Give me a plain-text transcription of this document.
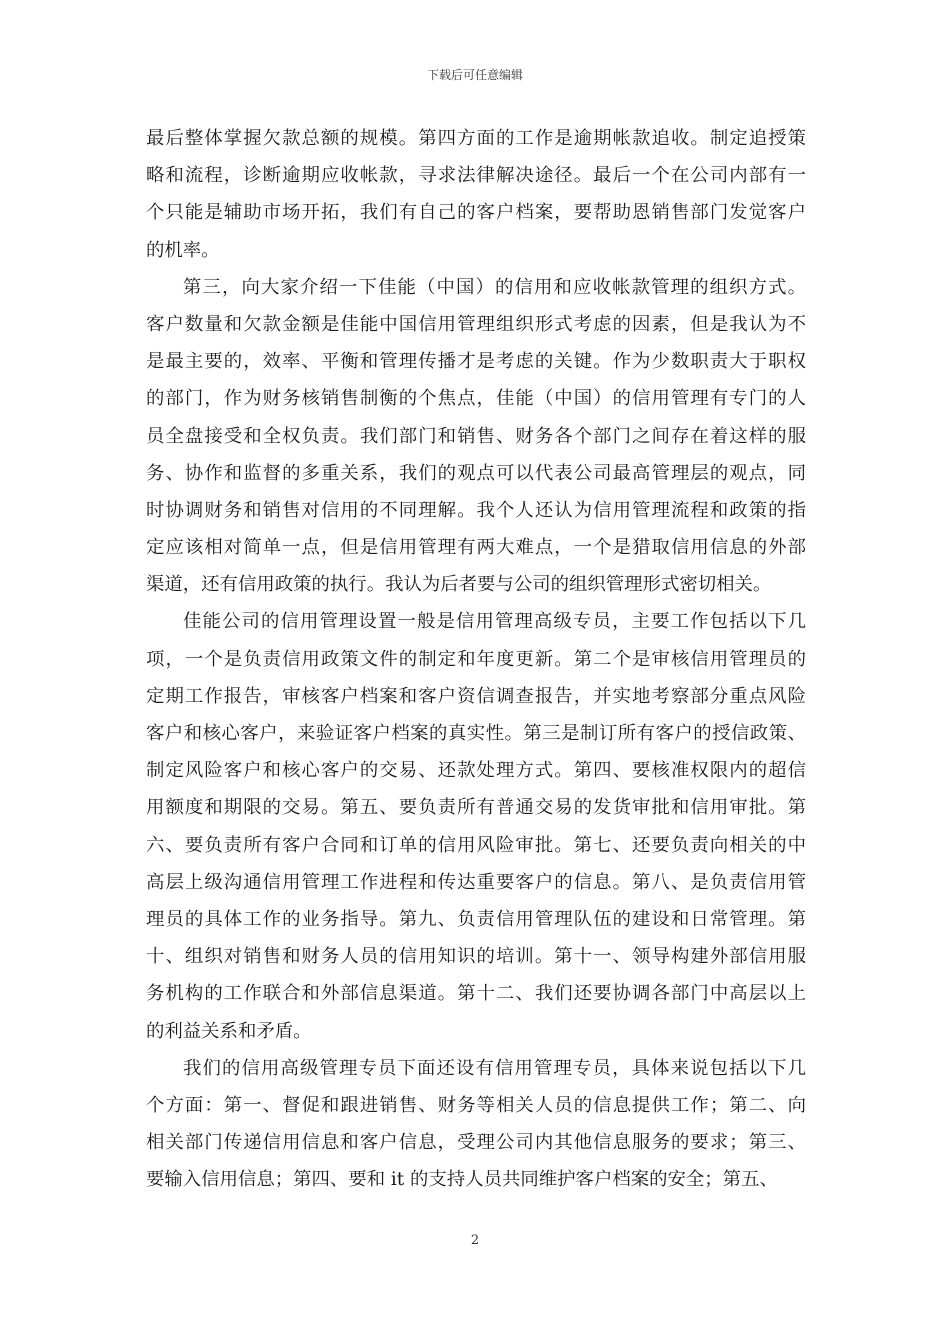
下载后可任意编辑
最后整体掌握欠款总额的规模。第四方面的工作是逾期帐款追收。制定追授策
略和流程，诊断逾期应收帐款，寻求法律解决途径。最后一个在公司内部有一
个只能是辅助市场开拓，我们有自己的客户档案，要帮助恩销售部门发觉客户
的机率。
第三，向大家介绍一下佳能（中国）的信用和应收帐款管理的组织方式。
客户数量和欠款金额是佳能中国信用管理组织形式考虑的因素，但是我认为不
是最主要的，效率、平衡和管理传播才是考虑的关键。作为少数职责大于职权
的部门，作为财务核销售制衡的个焦点，佳能（中国）的信用管理有专门的人
员全盘接受和全权负责。我们部门和销售、财务各个部门之间存在着这样的服
务、协作和监督的多重关系，我们的观点可以代表公司最高管理层的观点，同
时协调财务和销售对信用的不同理解。我个人还认为信用管理流程和政策的指
定应该相对简单一点，但是信用管理有两大难点，一个是猎取信用信息的外部
渠道，还有信用政策的执行。我认为后者要与公司的组织管理形式密切相关。
佳能公司的信用管理设置一般是信用管理高级专员，主要工作包括以下几
项，一个是负责信用政策文件的制定和年度更新。第二个是审核信用管理员的
定期工作报告，审核客户档案和客户资信调查报告，并实地考察部分重点风险
客户和核心客户，来验证客户档案的真实性。第三是制订所有客户的授信政策、
制定风险客户和核心客户的交易、还款处理方式。第四、要核准权限内的超信
用额度和期限的交易。第五、要负责所有普通交易的发货审批和信用审批。第
六、要负责所有客户合同和订单的信用风险审批。第七、还要负责向相关的中
高层上级沟通信用管理工作进程和传达重要客户的信息。第八、是负责信用管
理员的具体工作的业务指导。第九、负责信用管理队伍的建设和日常管理。第
十、组织对销售和财务人员的信用知识的培训。第十一、领导构建外部信用服
务机构的工作联合和外部信息渠道。第十二、我们还要协调各部门中高层以上
的利益关系和矛盾。
我们的信用高级管理专员下面还设有信用管理专员，具体来说包括以下几
个方面：第一、督促和跟进销售、财务等相关人员的信息提供工作；第二、向
相关部门传递信用信息和客户信息，受理公司内其他信息服务的要求；第三、
要输入信用信息；第四、要和 it 的支持人员共同维护客户档案的安全；第五、
2
